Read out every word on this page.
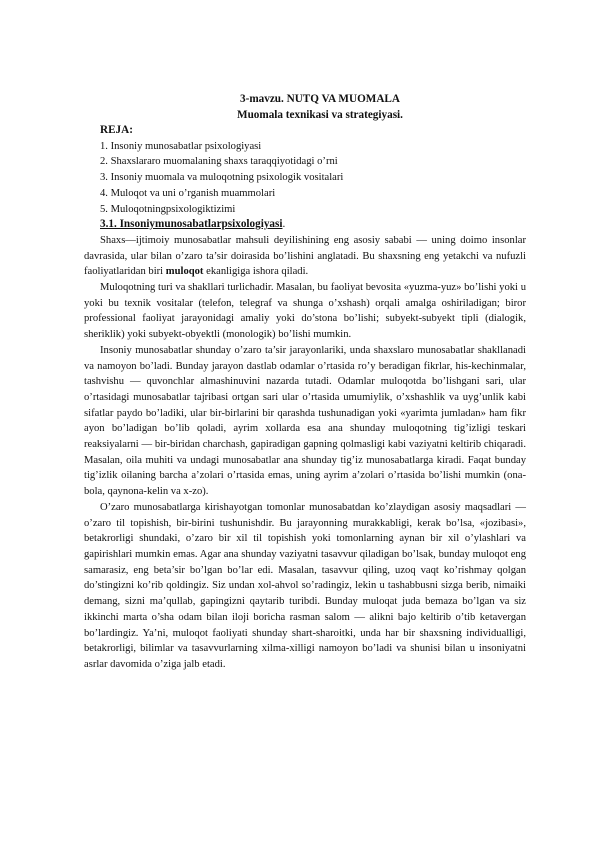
3-mavzu. NUTQ VA MUOMALA
Muomala texnikasi va strategiyasi.
REJA:
1. Insoniy munosabatlar psixologiyasi
2. Shaxslararo muomalaning shaxs taraqqiyotidagi o’rni
3. Insoniy muomala va muloqotning psixologik vositalari
4. Muloqot va uni o’rganish muammolari
5. Muloqotningpsixologiktizimi
3.1. Insoniymunosabatlarpsixologiyasi.

Shaxs—ijtimoiy munosabatlar mahsuli deyilishining eng asosiy sababi — uning doimo insonlar davrasida, ular bilan o’zaro ta’sir doirasida bo’lishini anglatadi. Bu shaxsning eng yetakchi va nufuzli faoliyatlaridan biri muloqot ekanligiga ishora qiladi.

Muloqotning turi va shakllari turlichadir. Masalan, bu faoliyat bevosita «yuzma-yuz» bo’lishi yoki u yoki bu texnik vositalar (telefon, telegraf va shunga o’xshash) orqali amalga oshiriladigan; biror professional faoliyat jarayonidagi amaliy yoki do’stona bo’lishi; subyekt-subyekt tipli (dialogik, sheriklik) yoki subyekt-obyektli (monologik) bo’lishi mumkin.

Insoniy munosabatlar shunday o’zaro ta’sir jarayonlariki, unda shaxslaro munosabatlar shakllanadi va namoyon bo’ladi. Bunday jarayon dastlab odamlar o’rtasida ro’y beradigan fikrlar, his-kechinmalar, tashvishu — quvonchlar almashinuvini nazarda tutadi. Odamlar muloqotda bo’lishgani sari, ular o’rtasidagi munosabatlar tajribasi ortgan sari ular o’rtasida umumiylik, o’xshashlik va uyg’unlik kabi sifatlar paydo bo’ladiki, ular bir-birlarini bir qarashda tushunadigan yoki «yarimta jumladan» ham fikr ayon bo’ladigan bo’lib qoladi, ayrim xollarda esa ana shunday muloqotning tig’izligi teskari reaksiyalarni — bir-biridan charchash, gapiradigan gapning qolmasligi kabi vaziyatni keltirib chiqaradi. Masalan, oila muhiti va undagi munosabatlar ana shunday tig’iz munosabatlarga kiradi. Faqat bunday tig’izlik oilaning barcha a’zolari o’rtasida emas, uning ayrim a’zolari o’rtasida bo’lishi mumkin (ona-bola, qaynona-kelin va x-zo).

O’zaro munosabatlarga kirishayotgan tomonlar munosabatdan ko’zlaydigan asosiy maqsadlari — o’zaro til topishish, bir-birini tushunishdir. Bu jarayonning murakkabligi, kerak bo’lsa, «jozibasi», betakrorligi shundaki, o’zaro bir xil til topishish yoki tomonlarning aynan bir xil o’ylashlari va gapirishlari mumkin emas. Agar ana shunday vaziyatni tasavvur qiladigan bo’lsak, bunday muloqot eng samarasiz, eng beta’sir bo’lgan bo’lar edi. Masalan, tasavvur qiling, uzoq vaqt ko’rishmay qolgan do’stingizni ko’rib qoldingiz. Siz undan xol-ahvol so’radingiz, lekin u tashabbusni sizga berib, nimaiki demang, sizni ma’qullab, gapingizni qaytarib turibdi. Bunday muloqat juda bemaza bo’lgan va siz ikkinchi marta o’sha odam bilan iloji boricha rasman salom — alikni bajo keltirib o’tib ketavergan bo’lardingiz. Ya’ni, muloqot faoliyati shunday shart-sharoitki, unda har bir shaxsning individualligi, betakrorligi, bilimlar va tasavvurlarning xilma-xilligi namoyon bo’ladi va shunisi bilan u insoniyatni asrlar davomida o’ziga jalb etadi.
